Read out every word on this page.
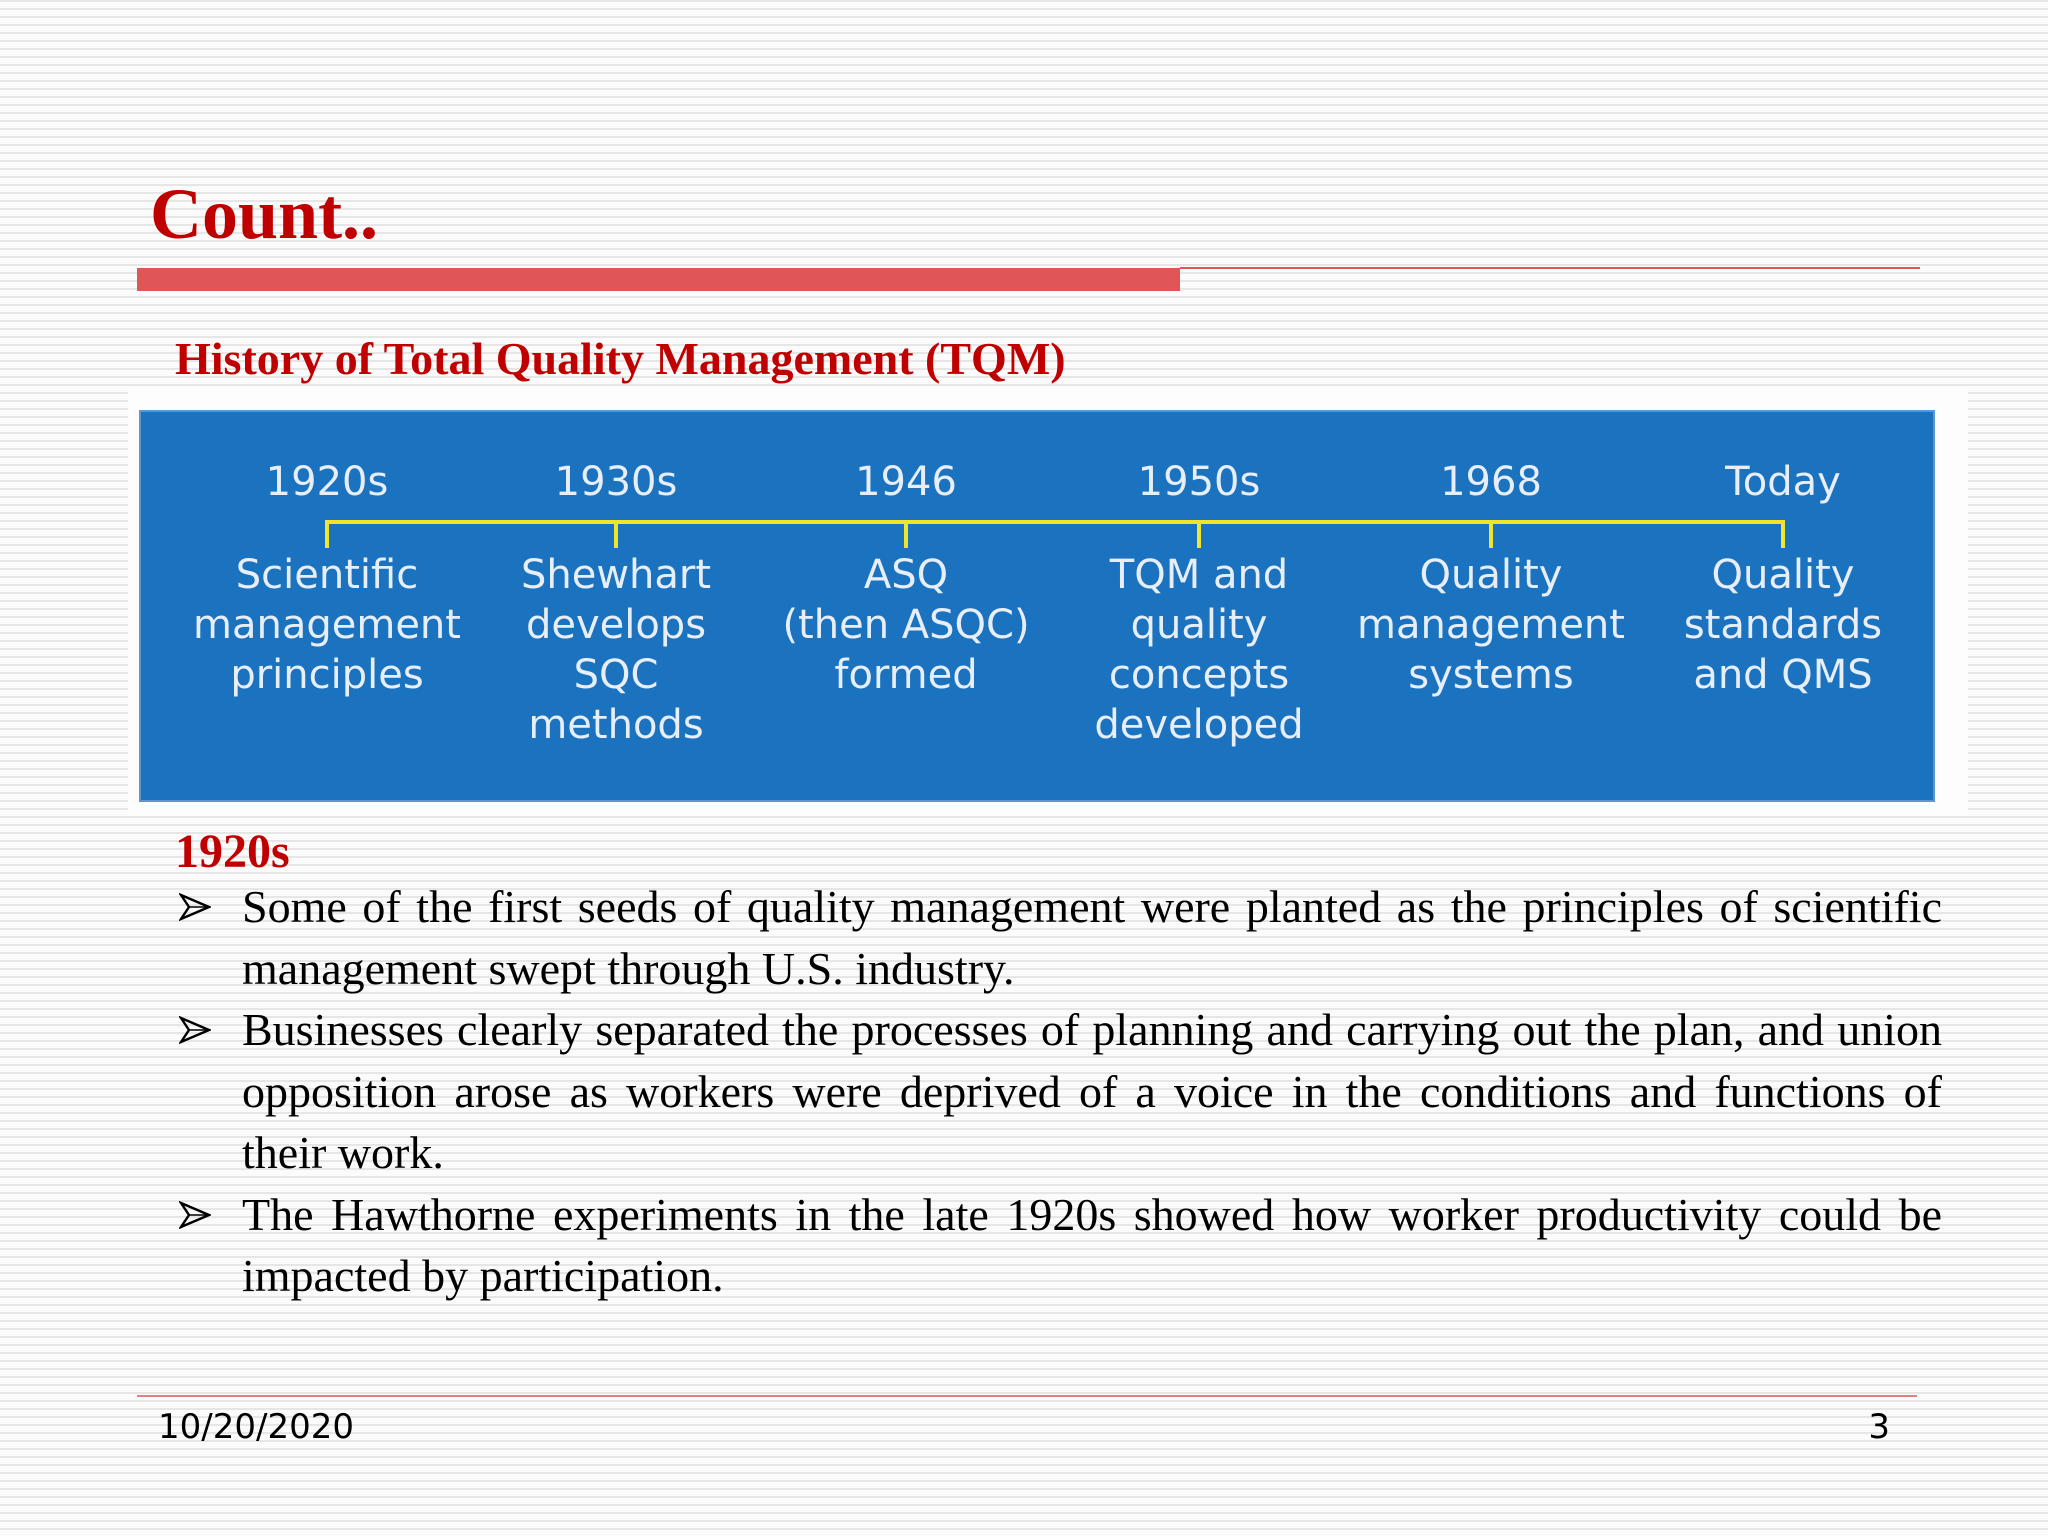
Count..
History of Total Quality Management (TQM)
1920s
Scientific
management
principles
1930s
Shewhart
develops
SQC
methods
1946
ASQ
(then ASQC)
formed
1950s
TQM and
quality
concepts
developed
1968
Quality
management
systems
Today
Quality
standards
and QMS
1920s
Some of the first seeds of quality management were planted as the principles of scientific management swept through U.S. industry.
Businesses clearly separated the processes of planning and carrying out the plan, and union opposition arose as workers were deprived of a voice in the conditions and functions of their work.
The Hawthorne experiments in the late 1920s showed how worker productivity could be impacted by participation.
10/20/2020	3
